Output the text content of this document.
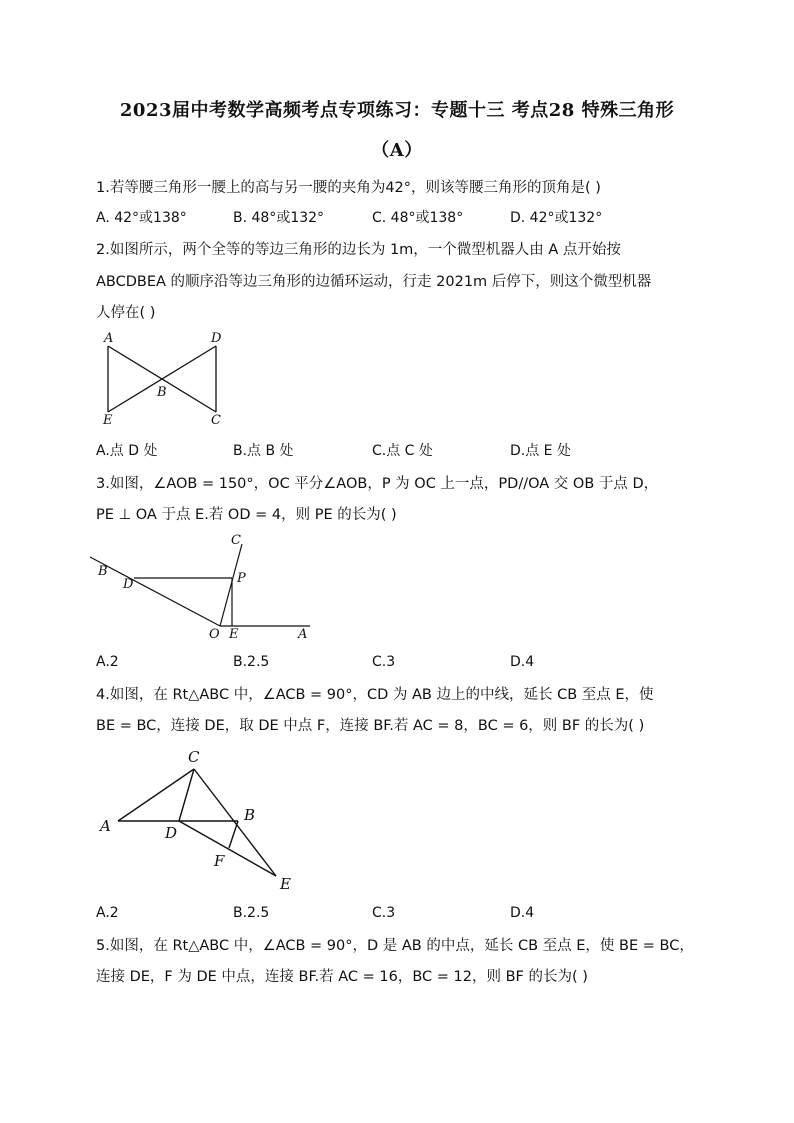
2023届中考数学高频考点专项练习：专题十三 考点28 特殊三角形
（A）
1.若等腰三角形一腰上的高与另一腰的夹角为42°，则该等腰三角形的顶角是( )
A. 42°或138°	B. 48°或132°	C. 48°或138°	D. 42°或132°
2.如图所示，两个全等的等边三角形的边长为 1m，一个微型机器人由 A 点开始按
ABCDBEA 的顺序沿等边三角形的边循环运动，行走 2021m 后停下，则这个微型机器
人停在( )
A	D
B
E	C
A.点 D 处	B.点 B 处	C.点 C 处	D.点 E 处
3.如图，∠AOB = 150°，OC 平分∠AOB，P 为 OC 上一点，PD//OA 交 OB 于点 D，
PE ⊥ OA 于点 E.若 OD = 4，则 PE 的长为( )
C
B
D	P
O E	A
A.2	B.2.5	C.3	D.4
4.如图，在 Rt△ABC 中，∠ACB = 90°，CD 为 AB 边上的中线，延长 CB 至点 E，使
BE = BC，连接 DE，取 DE 中点 F，连接 BF.若 AC = 8，BC = 6，则 BF 的长为( )
C
A	D
B
F
E
A.2	B.2.5	C.3	D.4
5.如图，在 Rt△ABC 中，∠ACB = 90°，D 是 AB 的中点，延长 CB 至点 E，使 BE = BC，
连接 DE，F 为 DE 中点，连接 BF.若 AC = 16，BC = 12，则 BF 的长为( )
